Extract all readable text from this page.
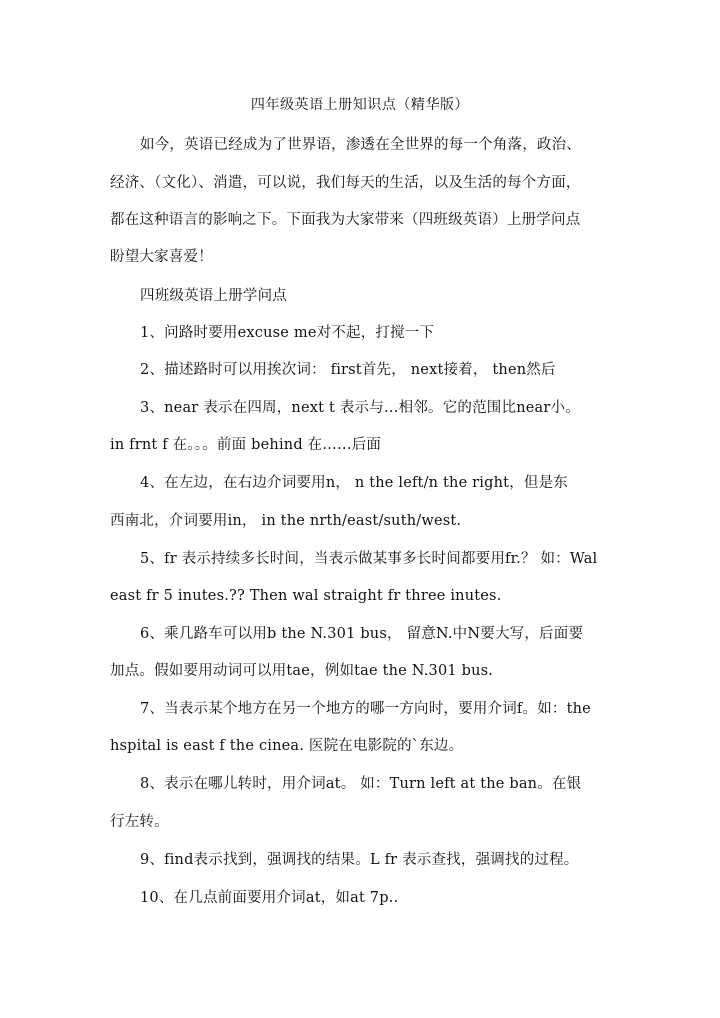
四年级英语上册知识点（精华版）
如今，英语已经成为了世界语，渗透在全世界的每一个角落，政治、
经济、（文化）、消遣，可以说，我们每天的生活，以及生活的每个方面，
都在这种语言的影响之下。下面我为大家带来（四班级英语）上册学问点
盼望大家喜爱！
四班级英语上册学问点
1、问路时要用excuse me对不起，打搅一下
2、描述路时可以用挨次词： first首先， next接着， then然后
3、near 表示在四周，next t 表示与…相邻。它的范围比near小。
in frnt f 在。。。前面 behind 在……后面
4、在左边，在右边介词要用n， n the left/n the right，但是东
西南北，介词要用in， in the nrth/east/suth/west.
5、fr 表示持续多长时间，当表示做某事多长时间都要用fr.？ 如：Wal
east fr 5 inutes.?? Then wal straight fr three inutes.
6、乘几路车可以用b the N.301 bus， 留意N.中N要大写，后面要
加点。假如要用动词可以用tae，例如tae the N.301 bus.
7、当表示某个地方在另一个地方的哪一方向时，要用介词f。如：the
hspital is east f the cinea. 医院在电影院的`东边。
8、表示在哪儿转时，用介词at。 如：Turn left at the ban。在银
行左转。
9、find表示找到，强调找的结果。L fr 表示查找，强调找的过程。
10、在几点前面要用介词at，如at 7p..
